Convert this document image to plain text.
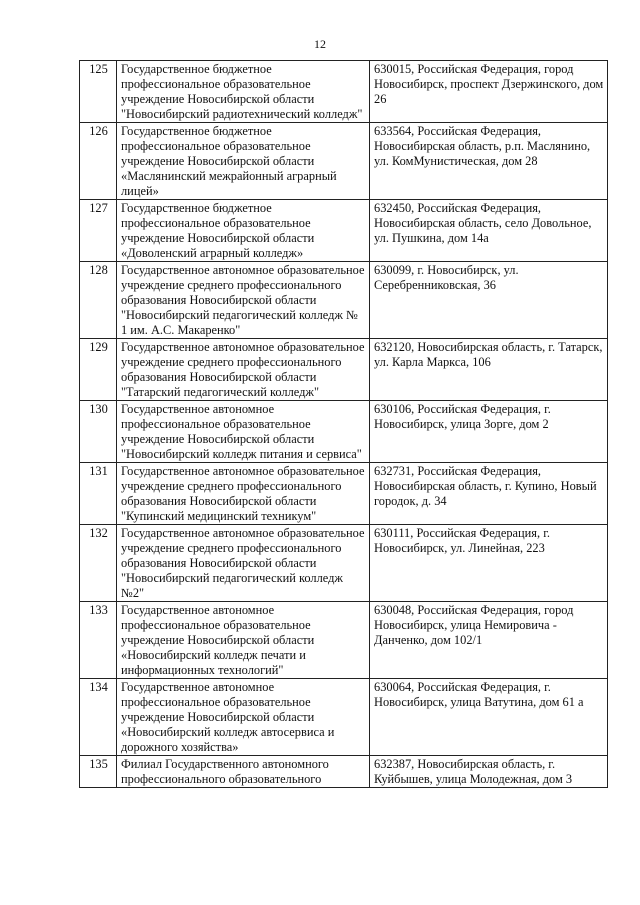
12
125	Государственное бюджетное профессиональное образовательное учреждение Новосибирской области "Новосибирский радиотехнический колледж"	630015, Российская Федерация, город Новосибирск, проспект Дзержинского, дом 26
126	Государственное бюджетное профессиональное образовательное учреждение Новосибирской области «Маслянинский межрайонный аграрный лицей»	633564, Российская Федерация, Новосибирская область, р.п. Маслянино, ул. КомМунистическая, дом 28
127	Государственное бюджетное профессиональное образовательное учреждение Новосибирской области «Доволенский аграрный колледж»	632450, Российская Федерация, Новосибирская область, село Довольное, ул. Пушкина, дом 14а
128	Государственное автономное образовательное учреждение среднего профессионального образования Новосибирской области "Новосибирский педагогический колледж № 1 им. А.С. Макаренко"	630099, г. Новосибирск, ул. Серебренниковская, 36
129	Государственное автономное образовательное учреждение среднего профессионального образования Новосибирской области "Татарский педагогический колледж"	632120, Новосибирская область, г. Татарск, ул. Карла Маркса, 106
130	Государственное автономное профессиональное образовательное учреждение Новосибирской области "Новосибирский колледж питания и сервиса"	630106, Российская Федерация, г. Новосибирск, улица Зорге, дом 2
131	Государственное автономное образовательное учреждение среднего профессионального образования Новосибирской области "Купинский медицинский техникум"	632731, Российская Федерация, Новосибирская область, г. Купино, Новый городок, д. 34
132	Государственное автономное образовательное учреждение среднего профессионального образования Новосибирской области "Новосибирский педагогический колледж №2"	630111, Российская Федерация, г. Новосибирск, ул. Линейная, 223
133	Государственное автономное профессиональное образовательное учреждение Новосибирской области «Новосибирский колледж печати и информационных технологий"	630048, Российская Федерация, город Новосибирск, улица Немировича - Данченко, дом 102/1
134	Государственное автономное профессиональное образовательное учреждение Новосибирской области «Новосибирский колледж автосервиса и дорожного хозяйства»	630064, Российская Федерация, г. Новосибирск, улица Ватутина, дом 61 а
135	Филиал Государственного автономного профессионального образовательного	632387, Новосибирская область, г. Куйбышев, улица Молодежная, дом 3
